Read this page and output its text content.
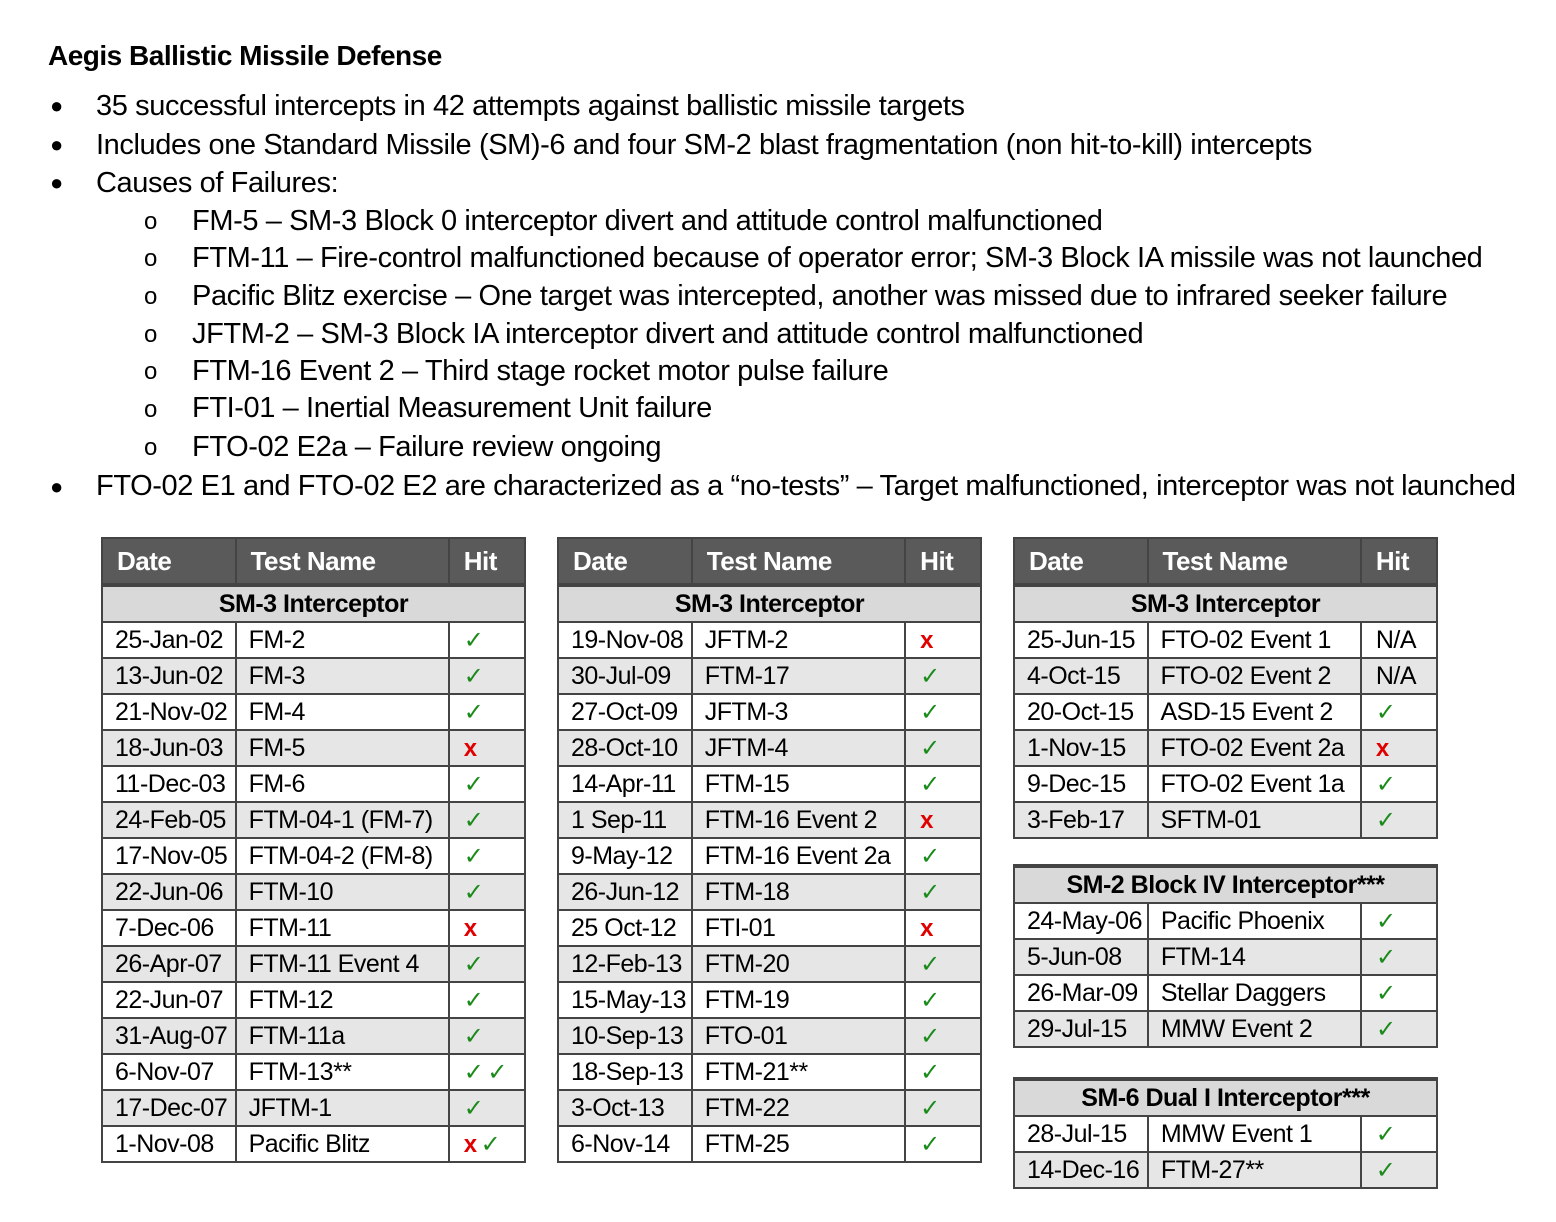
Aegis Ballistic Missile Defense
● 35 successful intercepts in 42 attempts against ballistic missile targets
● Includes one Standard Missile (SM)-6 and four SM-2 blast fragmentation (non hit-to-kill) intercepts
● Causes of Failures:
o FM-5 – SM-3 Block 0 interceptor divert and attitude control malfunctioned
o FTM-11 – Fire-control malfunctioned because of operator error; SM-3 Block IA missile was not launched
o Pacific Blitz exercise – One target was intercepted, another was missed due to infrared seeker failure
o JFTM-2 – SM-3 Block IA interceptor divert and attitude control malfunctioned
o FTM-16 Event 2 – Third stage rocket motor pulse failure
o FTI-01 – Inertial Measurement Unit failure
o FTO-02 E2a – Failure review ongoing
● FTO-02 E1 and FTO-02 E2 are characterized as a “no-tests” – Target malfunctioned, interceptor was not launched
Date	Test Name	Hit
SM-3 Interceptor		
25-Jan-02	FM-2	✓
13-Jun-02	FM-3	✓
21-Nov-02	FM-4	✓
18-Jun-03	FM-5	x
11-Dec-03	FM-6	✓
24-Feb-05	FTM-04-1 (FM-7)	✓
17-Nov-05	FTM-04-2 (FM-8)	✓
22-Jun-06	FTM-10	✓
7-Dec-06	FTM-11	x
26-Apr-07	FTM-11 Event 4	✓
22-Jun-07	FTM-12	✓
31-Aug-07	FTM-11a	✓
6-Nov-07	FTM-13**	✓ ✓
17-Dec-07	JFTM-1	✓
1-Nov-08	Pacific Blitz	x ✓
Date	Test Name	Hit
SM-3 Interceptor		
19-Nov-08	JFTM-2	x
30-Jul-09	FTM-17	✓
27-Oct-09	JFTM-3	✓
28-Oct-10	JFTM-4	✓
14-Apr-11	FTM-15	✓
1 Sep-11	FTM-16 Event 2	x
9-May-12	FTM-16 Event 2a	✓
26-Jun-12	FTM-18	✓
25 Oct-12	FTI-01	x
12-Feb-13	FTM-20	✓
15-May-13	FTM-19	✓
10-Sep-13	FTO-01	✓
18-Sep-13	FTM-21**	✓
3-Oct-13	FTM-22	✓
6-Nov-14	FTM-25	✓
Date	Test Name	Hit
SM-3 Interceptor		
25-Jun-15	FTO-02 Event 1	N/A
4-Oct-15	FTO-02 Event 2	N/A
20-Oct-15	ASD-15 Event 2	✓
1-Nov-15	FTO-02 Event 2a	x
9-Dec-15	FTO-02 Event 1a	✓
3-Feb-17	SFTM-01	✓
SM-2 Block IV Interceptor***		
24-May-06	Pacific Phoenix	✓
5-Jun-08	FTM-14	✓
26-Mar-09	Stellar Daggers	✓
29-Jul-15	MMW Event 2	✓
SM-6 Dual I Interceptor***		
28-Jul-15	MMW Event 1	✓
14-Dec-16	FTM-27**	✓
